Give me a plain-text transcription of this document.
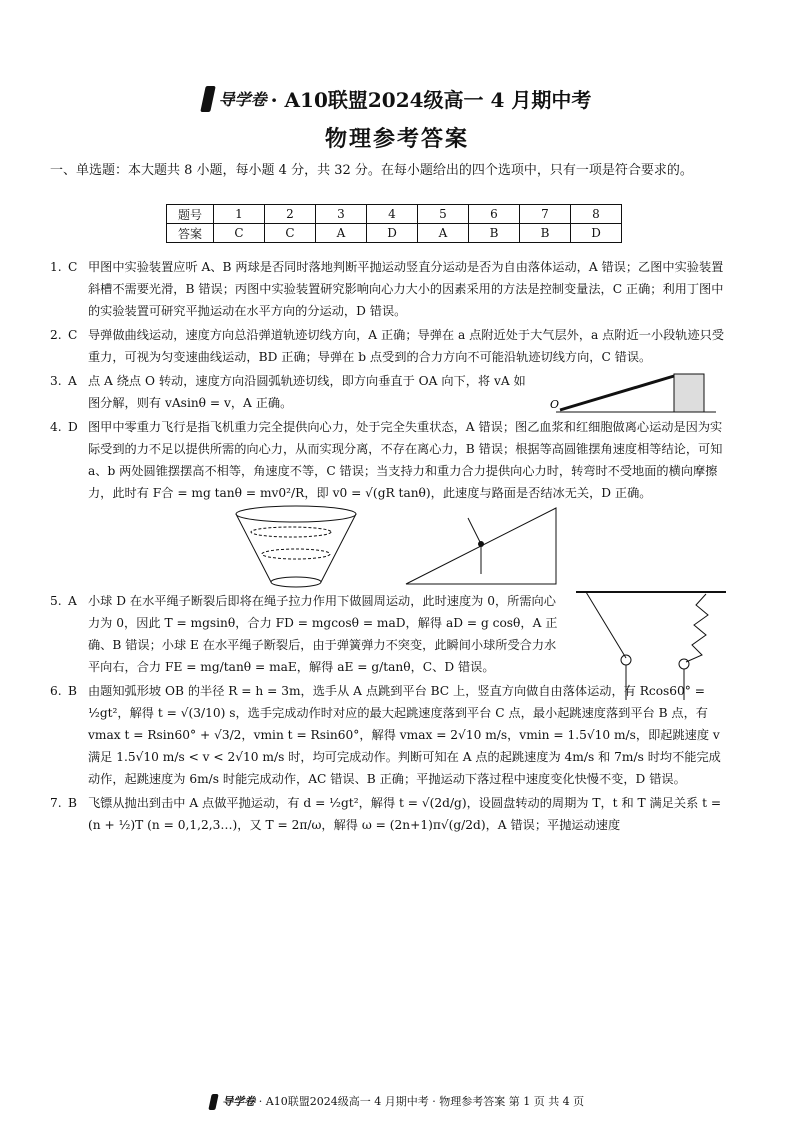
导学卷 · A10联盟2024级高一 4 月期中考
物理参考答案
一、单选题：本大题共 8 小题，每小题 4 分，共 32 分。在每小题给出的四个选项中，只有一项是符合要求的。
题号	1	2	3	4	5	6	7	8
答案	C	C	A	D	A	B	B	D
1. C 甲图中实验装置应听 A、B 两球是否同时落地判断平抛运动竖直分运动是否为自由落体运动，A 错误；乙图中实验装置斜槽不需要光滑，B 错误；丙图中实验装置研究影响向心力大小的因素采用的方法是控制变量法，C 正确；利用丁图中的实验装置可研究平抛运动在水平方向的分运动，D 错误。

2. C 导弹做曲线运动，速度方向总沿弹道轨迹切线方向，A 正确；导弹在 a 点附近处于大气层外，a 点附近一小段轨迹只受重力，可视为匀变速曲线运动，BD 正确；导弹在 b 点受到的合力方向不可能沿轨迹切线方向，C 错误。

3. A 点 A 绕点 O 转动，速度方向沿圆弧轨迹切线，即方向垂直于 OA 向下，将 vA 如图分解，则有 vAsinθ = v，A 正确。	O
4. D 图甲中零重力飞行是指飞机重力完全提供向心力，处于完全失重状态，A 错误；图乙血浆和红细胞做离心运动是因为实际受到的力不足以提供所需的向心力，从而实现分离，不存在离心力，B 错误；根据等高圆锥摆角速度相等结论，可知 a、b 两处圆锥摆摆高不相等，角速度不等，C 错误；当支持力和重力合力提供向心力时，转弯时不受地面的横向摩擦力，此时有 F合 = mg tanθ = mv0²/R，即 v0 = √(gR tanθ)，此速度与路面是否结冰无关，D 正确。

5. A 小球 D 在水平绳子断裂后即将在绳子拉力作用下做圆周运动，此时速度为 0，所需向心力为 0，因此 T = mgsinθ，合力 FD = mgcosθ = maD，解得 aD = g cosθ，A 正确、B 错误；小球 E 在水平绳子断裂后，由于弹簧弹力不突变，此瞬间小球所受合力水平向右，合力 FE = mg/tanθ = maE，解得 aE = g/tanθ，C、D 错误。

6. B 由题知弧形坡 OB 的半径 R = h = 3m，选手从 A 点跳到平台 BC 上，竖直方向做自由落体运动，有 Rcos60° = ½gt²，解得 t = √(3/10) s，选手完成动作时对应的最大起跳速度落到平台 C 点，最小起跳速度落到平台 B 点，有 vmax t = Rsin60° + √3/2，vmin t = Rsin60°，解得 vmax = 2√10 m/s，vmin = 1.5√10 m/s，即起跳速度 v 满足 1.5√10 m/s < v < 2√10 m/s 时，均可完成动作。判断可知在 A 点的起跳速度为 4m/s 和 7m/s 时均不能完成动作，起跳速度为 6m/s 时能完成动作，AC 错误、B 正确；平抛运动下落过程中速度变化快慢不变，D 错误。

7. B 飞镖从抛出到击中 A 点做平抛运动，有 d = ½gt²，解得 t = √(2d/g)，设圆盘转动的周期为 T，t 和 T 满足关系 t = (n + ½)T (n = 0,1,2,3…)，又 T = 2π/ω，解得 ω = (2n+1)π√(g/2d)，A 错误；平抛运动速度

导学卷 · A10联盟2024级高一 4 月期中考 · 物理参考答案 第 1 页 共 4 页
